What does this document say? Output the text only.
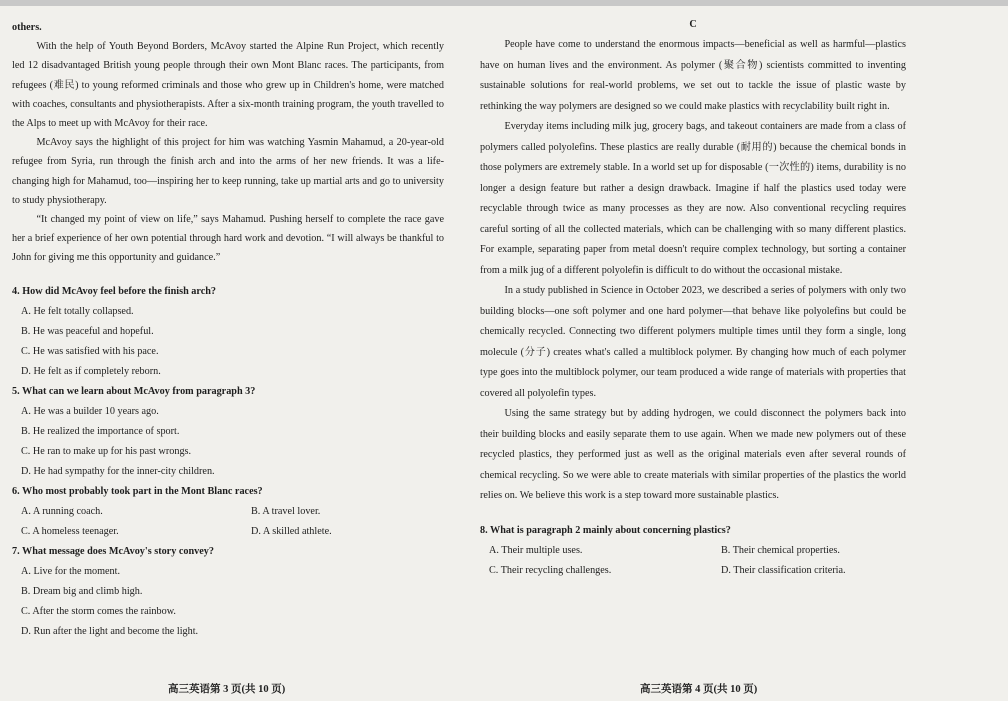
others.

With the help of Youth Beyond Borders, McAvoy started the Alpine Run Project, which recently led 12 disadvantaged British young people through their own Mont Blanc races. The participants, from refugees (难民) to young reformed criminals and those who grew up in Children's home, were matched with coaches, consultants and physiotherapists. After a six-month training program, the youth travelled to the Alps to meet up with McAvoy for their race.

McAvoy says the highlight of this project for him was watching Yasmin Mahamud, a 20-year-old refugee from Syria, run through the finish arch and into the arms of her new friends. It was a life-changing high for Mahamud, too—inspiring her to keep running, take up martial arts and go to university to study physiotherapy.

“It changed my point of view on life,” says Mahamud. Pushing herself to complete the race gave her a brief experience of her own potential through hard work and devotion. “I will always be thankful to John for giving me this opportunity and guidance.”

4. How did McAvoy feel before the finish arch?
A. He felt totally collapsed.
B. He was peaceful and hopeful.
C. He was satisfied with his pace.
D. He felt as if completely reborn.
5. What can we learn about McAvoy from paragraph 3?
A. He was a builder 10 years ago.
B. He realized the importance of sport.
C. He ran to make up for his past wrongs.
D. He had sympathy for the inner-city children.
6. Who most probably took part in the Mont Blanc races?
A. A running coach.	B. A travel lover.
C. A homeless teenager.	D. A skilled athlete.
7. What message does McAvoy's story convey?
A. Live for the moment.
B. Dream big and climb high.
C. After the storm comes the rainbow.
D. Run after the light and become the light.
C

People have come to understand the enormous impacts—beneficial as well as harmful—plastics have on human lives and the environment. As polymer (聚合物) scientists committed to inventing sustainable solutions for real-world problems, we set out to tackle the issue of plastic waste by rethinking the way polymers are designed so we could make plastics with recyclability built right in.

Everyday items including milk jug, grocery bags, and takeout containers are made from a class of polymers called polyolefins. These plastics are really durable (耐用的) because the chemical bonds in those polymers are extremely stable. In a world set up for disposable (一次性的) items, durability is no longer a design feature but rather a design drawback. Imagine if half the plastics used today were recyclable through twice as many processes as they are now. Also conventional recycling requires careful sorting of all the collected materials, which can be challenging with so many different plastics. For example, separating paper from metal doesn't require complex technology, but sorting a container from a milk jug of a different polyolefin is difficult to do without the occasional mistake.

In a study published in Science in October 2023, we described a series of polymers with only two building blocks—one soft polymer and one hard polymer—that behave like polyolefins but could be chemically recycled. Connecting two different polymers multiple times until they form a single, long molecule (分子) creates what's called a multiblock polymer. By changing how much of each polymer type goes into the multiblock polymer, our team produced a wide range of materials with properties that covered all polyolefin types.

Using the same strategy but by adding hydrogen, we could disconnect the polymers back into their building blocks and easily separate them to use again. When we made new polymers out of these recycled plastics, they performed just as well as the original materials even after several rounds of chemical recycling. So we were able to create materials with similar properties of the plastics the world relies on. We believe this work is a step toward more sustainable plastics.

8. What is paragraph 2 mainly about concerning plastics?
A. Their multiple uses.	B. Their chemical properties.
C. Their recycling challenges.	D. Their classification criteria.
高三英语第 3 页(共 10 页)	高三英语第 4 页(共 10 页)
